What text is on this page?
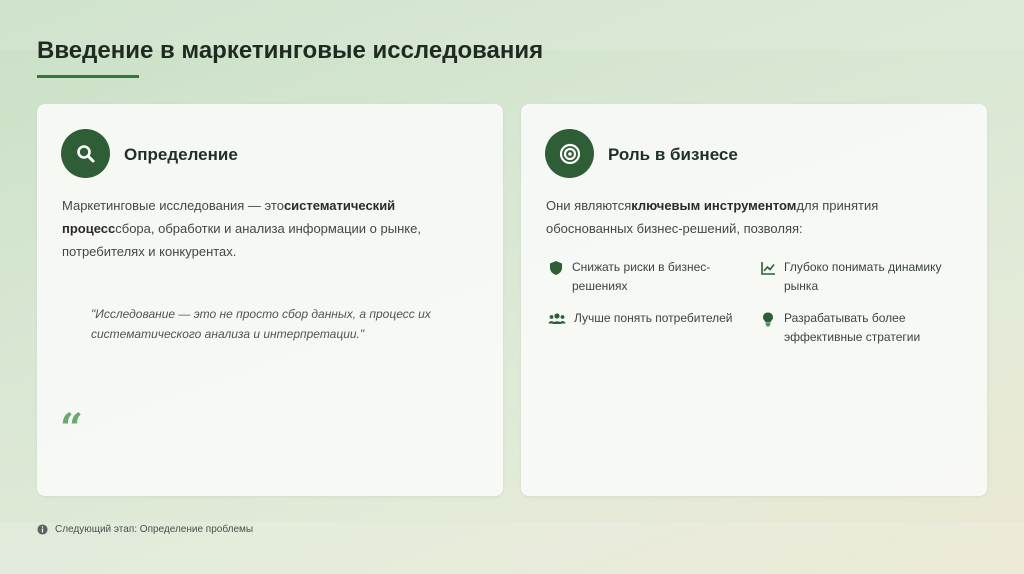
Введение в маркетинговые исследования
Определение
Маркетинговые исследования — этосистематический процесссбора, обработки и анализа информации о рынке, потребителях и конкурентах.
“
"Исследование — это не просто сбор данных, а процесс их систематического анализа и интерпретации."
Роль в бизнесе
Они являютсяключевым инструментомдля принятия обоснованных бизнес-решений, позволяя:
Снижать риски в бизнес-решениях
Глубоко понимать динамику рынка
Лучше понять потребителей	Разрабатывать более эффективные стратегии
Следующий этап: Определение проблемы
